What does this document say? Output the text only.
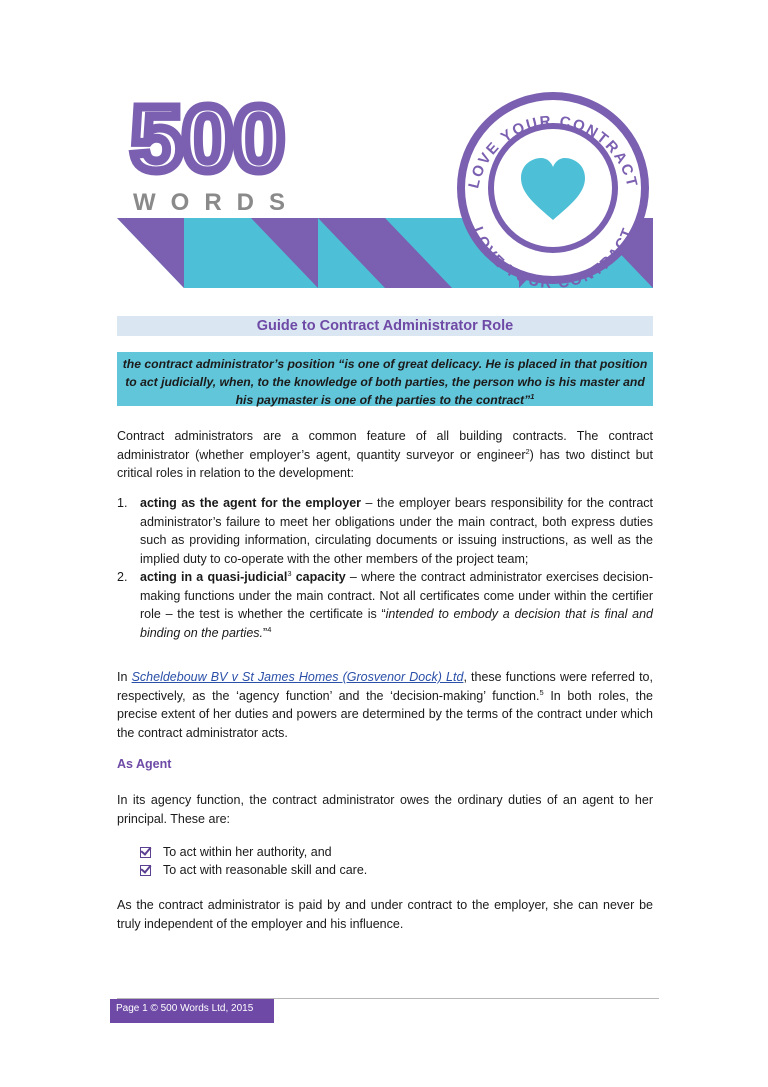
500
WORDS
LOVE YOUR CONTRACT
LOVE YOUR CONTRACT
Guide to Contract Administrator Role
the contract administrator’s position “is one of great delicacy. He is placed in that position to act judicially, when, to the knowledge of both parties, the person who is his master and his paymaster is one of the parties to the contract”$^1$

Contract administrators are a common feature of all building contracts. The contract administrator (whether employer’s agent, quantity surveyor or engineer$^2$) has two distinct but critical roles in relation to the development:

1. acting as the agent for the employer – the employer bears responsibility for the contract administrator’s failure to meet her obligations under the main contract, both express duties such as providing information, circulating documents or issuing instructions, as well as the implied duty to co-operate with the other members of the project team;
2. acting in a quasi-judicial$^3$ capacity – where the contract administrator exercises decision-making functions under the main contract. Not all certificates come under within the certifier role – the test is whether the certificate is “intended to embody a decision that is final and binding on the parties.”$^4$

In Scheldebouw BV v St James Homes (Grosvenor Dock) Ltd, these functions were referred to, respectively, as the ‘agency function’ and the ‘decision-making’ function.$^5$ In both roles, the precise extent of her duties and powers are determined by the terms of the contract under which the contract administrator acts.

As Agent

In its agency function, the contract administrator owes the ordinary duties of an agent to her principal. These are:

To act within her authority, and
To act with reasonable skill and care.

As the contract administrator is paid by and under contract to the employer, she can never be truly independent of the employer and his influence.

Page 1 © 500 Words Ltd, 2015
